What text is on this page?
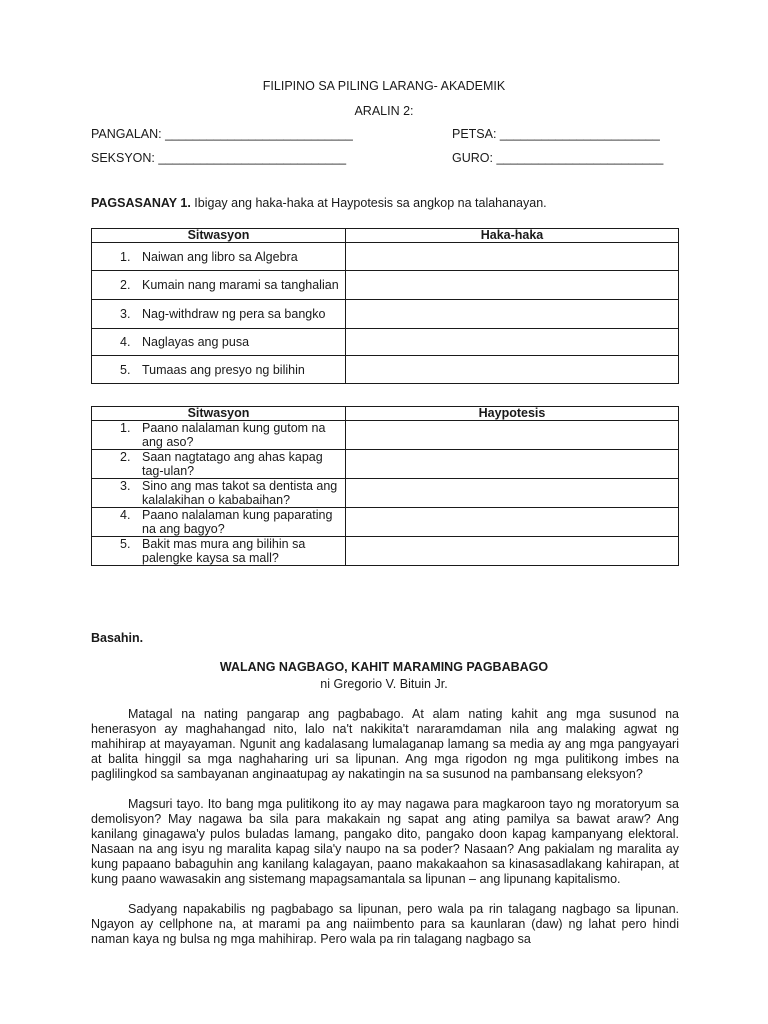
FILIPINO SA PILING LARANG- AKADEMIK
ARALIN 2:
PANGALAN: ___________________________	PETSA: _______________________
SEKSYON: ___________________________	GURO: ________________________
PAGSASANAY 1. Ibigay ang haka-haka at Haypotesis sa angkop na talahanayan.
Sitwasyon	Haka-haka

1. Naiwan ang libro sa Algebra	

2. Kumain nang marami sa tanghalian	

3. Nag-withdraw ng pera sa bangko	

4. Naglayas ang pusa	

5. Tumaas ang presyo ng bilihin	

Sitwasyon	Haypotesis

1. Paano nalalaman kung gutom na ang aso?	

2. Saan nagtatago ang ahas kapag tag-ulan?	

3. Sino ang mas takot sa dentista ang kalalakihan o kababaihan?	

4. Paano nalalaman kung paparating na ang bagyo?	

5. Bakit mas mura ang bilihin sa palengke kaysa sa mall?	

Basahin.
WALANG NAGBAGO, KAHIT MARAMING PAGBABAGO
ni Gregorio V. Bituin Jr.

Matagal na nating pangarap ang pagbabago. At alam nating kahit ang mga susunod na henerasyon ay maghahangad nito, lalo na't nakikita't nararamdaman nila ang malaking agwat ng mahihirap at mayayaman. Ngunit ang kadalasang lumalaganap lamang sa media ay ang mga pangyayari at balita hinggil sa mga naghaharing uri sa lipunan. Ang mga rigodon ng mga pulitikong imbes na paglilingkod sa sambayanan anginaatupag ay nakatingin na sa susunod na pambansang eleksyon?

Magsuri tayo. Ito bang mga pulitikong ito ay may nagawa para magkaroon tayo ng moratoryum sa demolisyon? May nagawa ba sila para makakain ng sapat ang ating pamilya sa bawat araw? Ang kanilang ginagawa'y pulos buladas lamang, pangako dito, pangako doon kapag kampanyang elektoral. Nasaan na ang isyu ng maralita kapag sila'y naupo na sa poder? Nasaan? Ang pakialam ng maralita ay kung papaano babaguhin ang kanilang kalagayan, paano makakaahon sa kinasasadlakang kahirapan, at kung paano wawasakin ang sistemang mapagsamantala sa lipunan – ang lipunang kapitalismo.

Sadyang napakabilis ng pagbabago sa lipunan, pero wala pa rin talagang nagbago sa lipunan. Ngayon ay cellphone na, at marami pa ang naiimbento para sa kaunlaran (daw) ng lahat pero hindi naman kaya ng bulsa ng mga mahihirap. Pero wala pa rin talagang nagbago sa
